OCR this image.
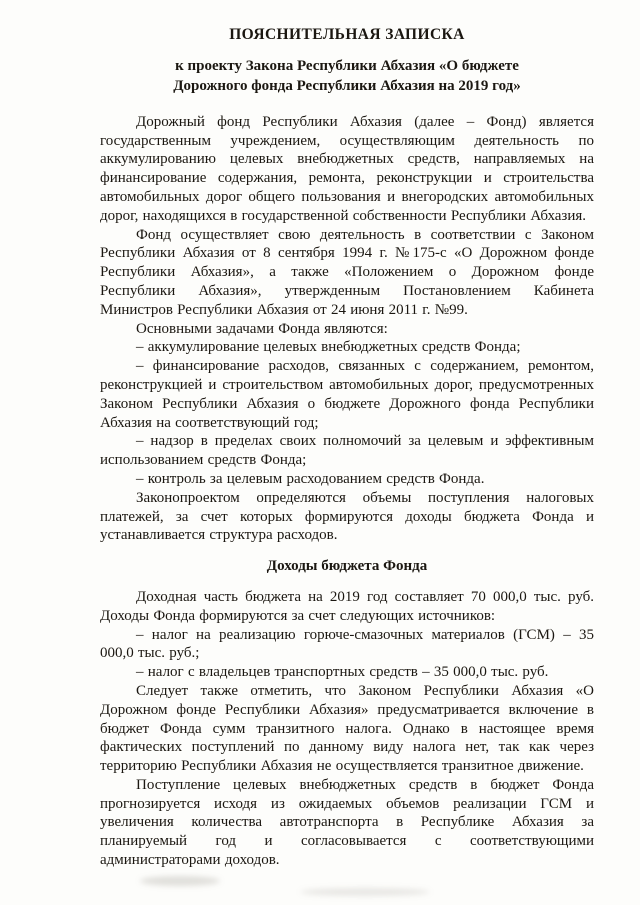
ПОЯСНИТЕЛЬНАЯ ЗАПИСКА
к проекту Закона Республики Абхазия «О бюджете
Дорожного фонда Республики Абхазия на 2019 год»

Дорожный фонд Республики Абхазия (далее – Фонд) является государственным учреждением, осуществляющим деятельность по аккумулированию целевых внебюджетных средств, направляемых на финансирование содержания, ремонта, реконструкции и строительства автомобильных дорог общего пользования и внегородских автомобильных дорог, находящихся в государственной собственности Республики Абхазия.

Фонд осуществляет свою деятельность в соответствии с Законом Республики Абхазия от 8 сентября 1994 г. №175-с «О Дорожном фонде Республики Абхазия», а также «Положением о Дорожном фонде Республики Абхазия», утвержденным Постановлением Кабинета Министров Республики Абхазия от 24 июня 2011 г. №99.

Основными задачами Фонда являются:

– аккумулирование целевых внебюджетных средств Фонда;

– финансирование расходов, связанных с содержанием, ремонтом, реконструкцией и строительством автомобильных дорог, предусмотренных Законом Республики Абхазия о бюджете Дорожного фонда Республики Абхазия на соответствующий год;

– надзор в пределах своих полномочий за целевым и эффективным использованием средств Фонда;

– контроль за целевым расходованием средств Фонда.

Законопроектом определяются объемы поступления налоговых платежей, за счет которых формируются доходы бюджета Фонда и устанавливается структура расходов.

Доходы бюджета Фонда

Доходная часть бюджета на 2019 год составляет 70 000,0 тыс. руб. Доходы Фонда формируются за счет следующих источников:

– налог на реализацию горюче-смазочных материалов (ГСМ) – 35 000,0 тыс. руб.;

– налог с владельцев транспортных средств – 35 000,0 тыс. руб.

Следует также отметить, что Законом Республики Абхазия «О Дорожном фонде Республики Абхазия» предусматривается включение в бюджет Фонда сумм транзитного налога. Однако в настоящее время фактических поступлений по данному виду налога нет, так как через территорию Республики Абхазия не осуществляется транзитное движение.

Поступление целевых внебюджетных средств в бюджет Фонда прогнозируется исходя из ожидаемых объемов реализации ГСМ и увеличения количества автотранспорта в Республике Абхазия за планируемый год и согласовывается с соответствующими администраторами доходов.
